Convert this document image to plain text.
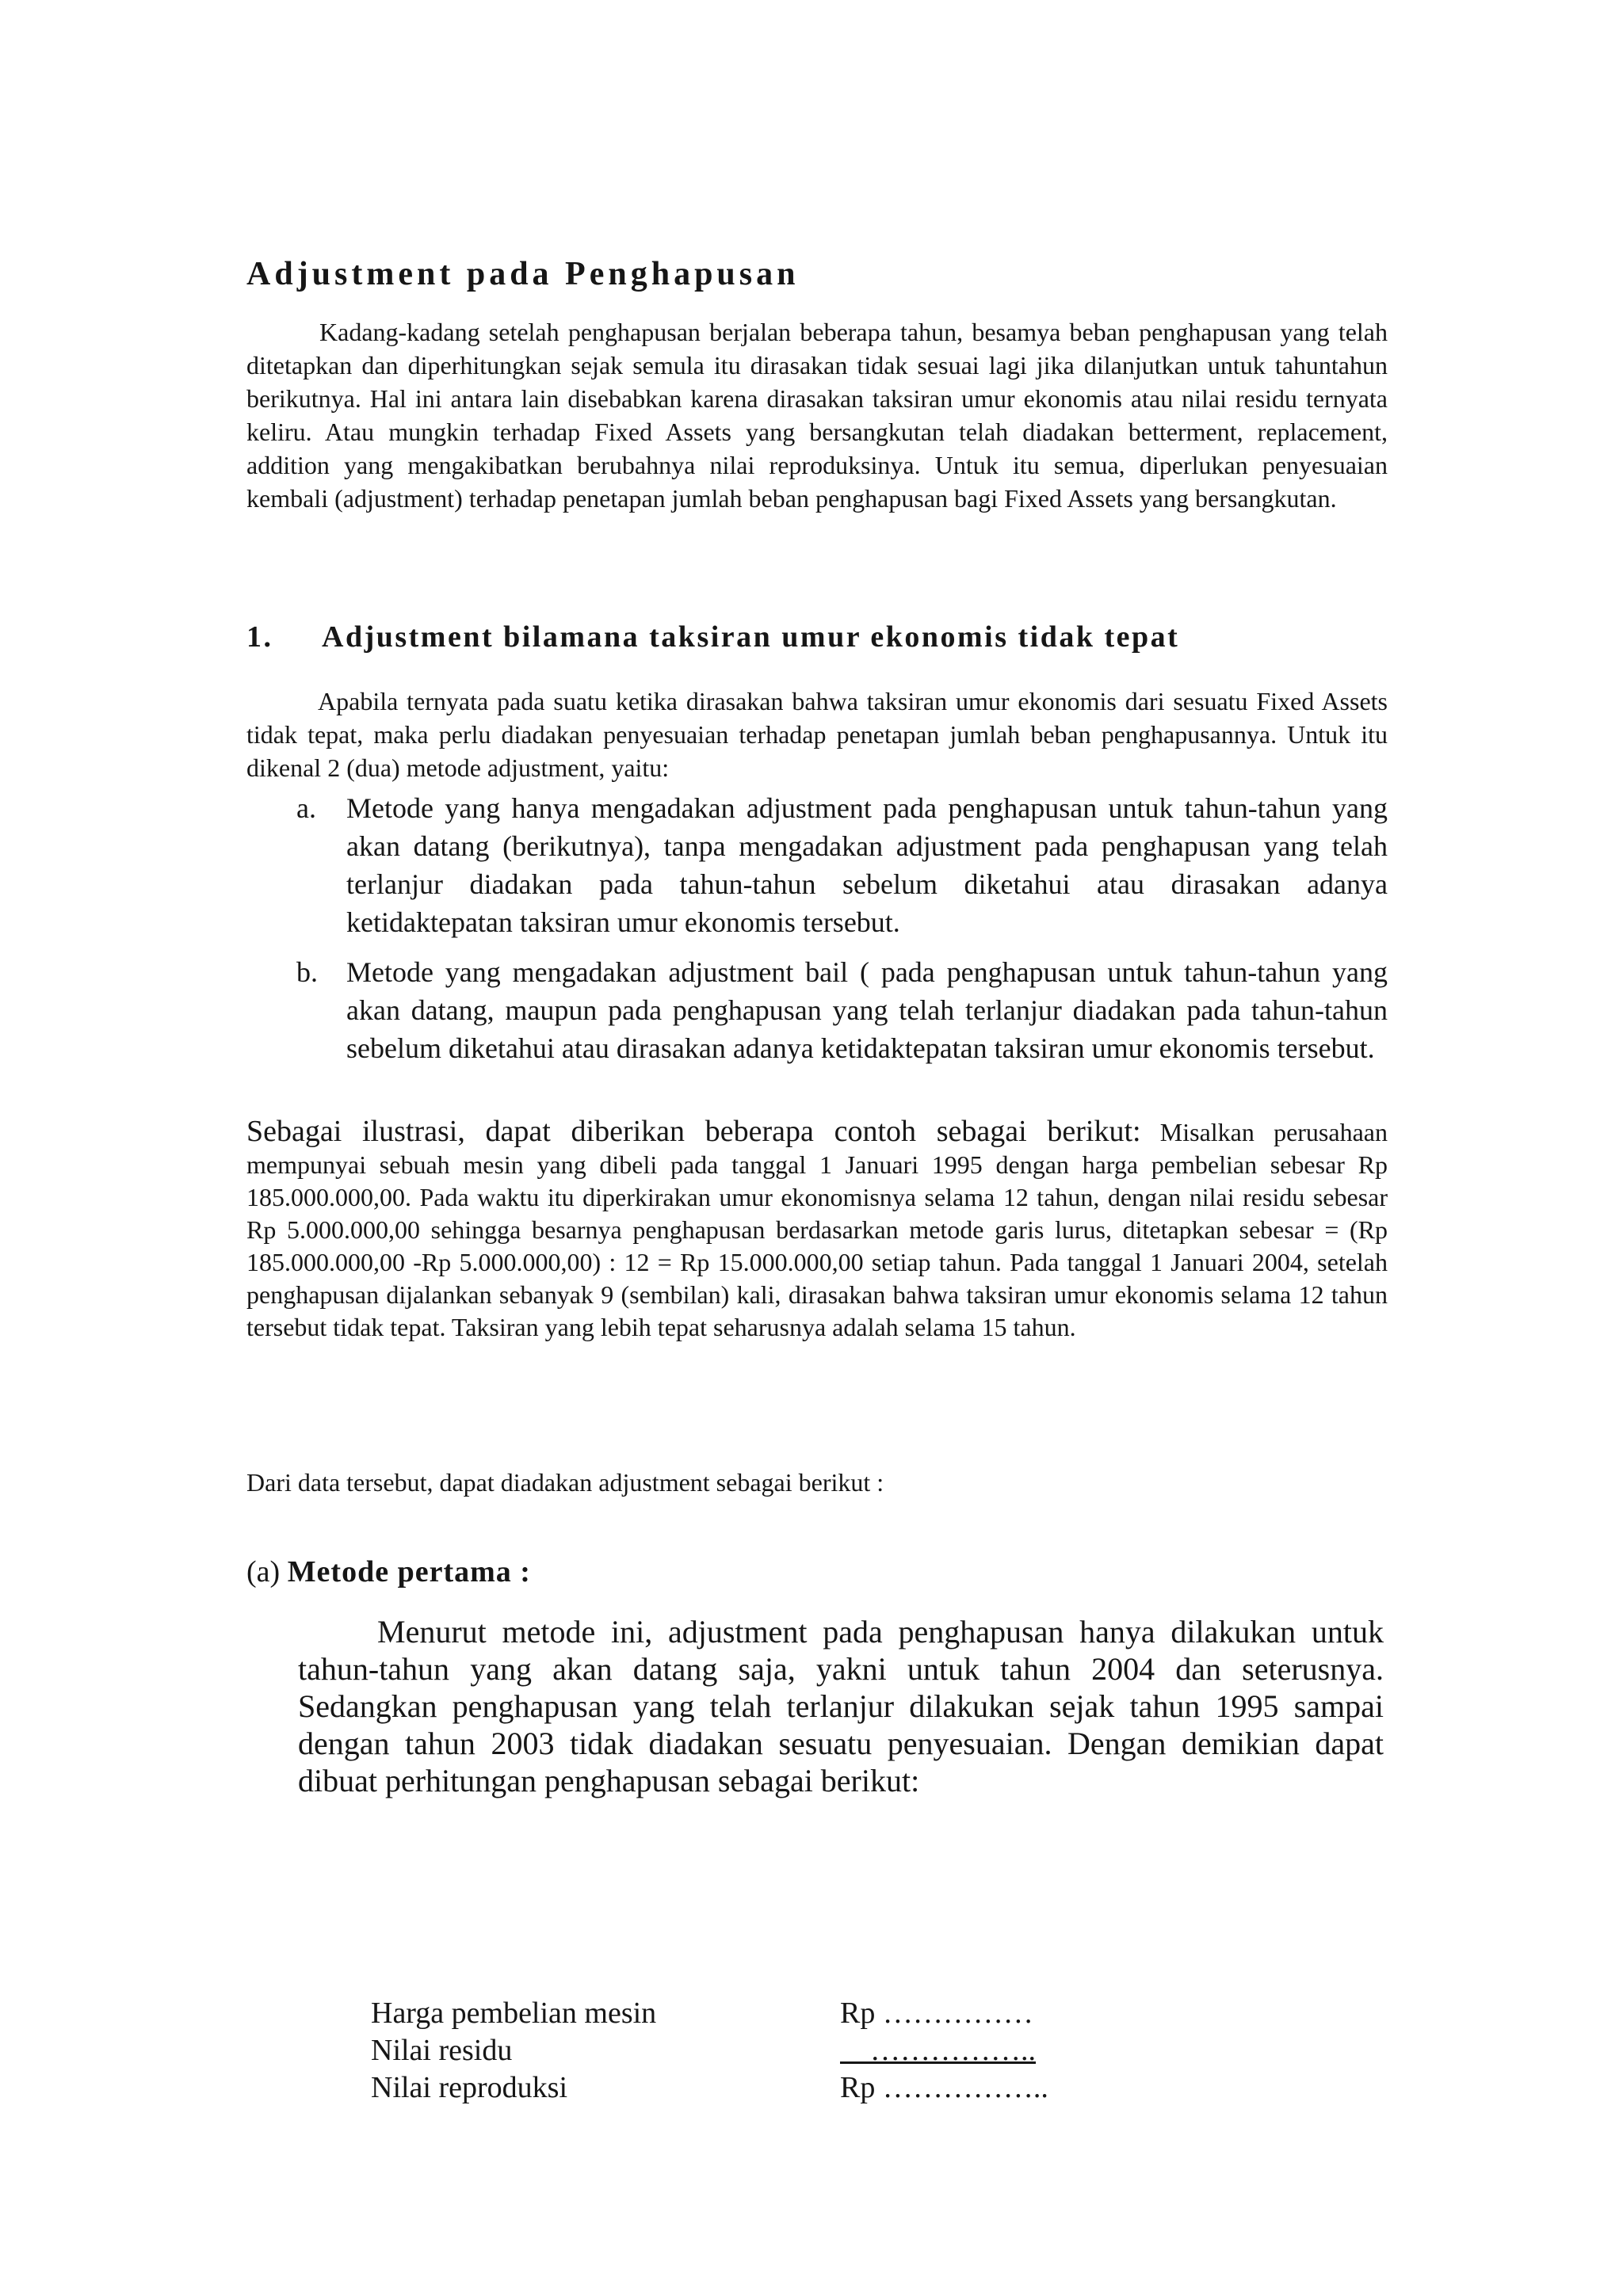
Adjustment pada Penghapusan

Kadang-kadang setelah penghapusan berjalan beberapa tahun, besamya beban penghapusan yang telah ditetapkan dan diperhitungkan sejak semula itu dirasakan tidak sesuai lagi jika dilanjutkan untuk tahuntahun berikutnya. Hal ini antara lain disebabkan karena dirasakan taksiran umur ekonomis atau nilai residu ternyata keliru. Atau mungkin terhadap Fixed Assets yang bersangkutan telah diadakan betterment, replacement, addition yang mengakibatkan berubahnya nilai reproduksinya. Untuk itu semua, diperlukan penyesuaian kembali (adjustment) terhadap penetapan jumlah beban penghapusan bagi Fixed Assets yang bersangkutan.

1. Adjustment bilamana taksiran umur ekonomis tidak tepat

Apabila ternyata pada suatu ketika dirasakan bahwa taksiran umur ekonomis dari sesuatu Fixed Assets tidak tepat, maka perlu diadakan penyesuaian terhadap penetapan jumlah beban penghapusannya. Untuk itu dikenal 2 (dua) metode adjustment, yaitu:

a. Metode yang hanya mengadakan adjustment pada penghapusan untuk tahun-tahun yang akan datang (berikutnya), tanpa mengadakan adjustment pada penghapusan yang telah terlanjur diadakan pada tahun-tahun sebelum diketahui atau dirasakan adanya ketidaktepatan taksiran umur ekonomis tersebut.
b. Metode yang mengadakan adjustment bail ( pada penghapusan untuk tahun-tahun yang akan datang, maupun pada penghapusan yang telah terlanjur diadakan pada tahun-tahun sebelum diketahui atau dirasakan adanya ketidaktepatan taksiran umur ekonomis tersebut.

Sebagai ilustrasi, dapat diberikan beberapa contoh sebagai berikut: Misalkan perusahaan mempunyai sebuah mesin yang dibeli pada tanggal 1 Januari 1995 dengan harga pembelian sebesar Rp 185.000.000,00. Pada waktu itu diperkirakan umur ekonomisnya selama 12 tahun, dengan nilai residu sebesar Rp 5.000.000,00 sehingga besarnya penghapusan berdasarkan metode garis lurus, ditetapkan sebesar = (Rp 185.000.000,00 -Rp 5.000.000,00) : 12 = Rp 15.000.000,00 setiap tahun. Pada tanggal 1 Januari 2004, setelah penghapusan dijalankan sebanyak 9 (sembilan) kali, dirasakan bahwa taksiran umur ekonomis selama 12 tahun tersebut tidak tepat. Taksiran yang lebih tepat seharusnya adalah selama 15 tahun.

Dari data tersebut, dapat diadakan adjustment sebagai berikut :

(a) Metode pertama :

Menurut metode ini, adjustment pada penghapusan hanya dilakukan untuk tahun-tahun yang akan datang saja, yakni untuk tahun 2004 dan seterusnya. Sedangkan penghapusan yang telah terlanjur dilakukan sejak tahun 1995 sampai dengan tahun 2003 tidak diadakan sesuatu penyesuaian. Dengan demikian dapat dibuat perhitungan penghapusan sebagai berikut:

Harga pembelian mesin	Rp ……………
Nilai residu	……………..
Nilai reproduksi	Rp ……………..
